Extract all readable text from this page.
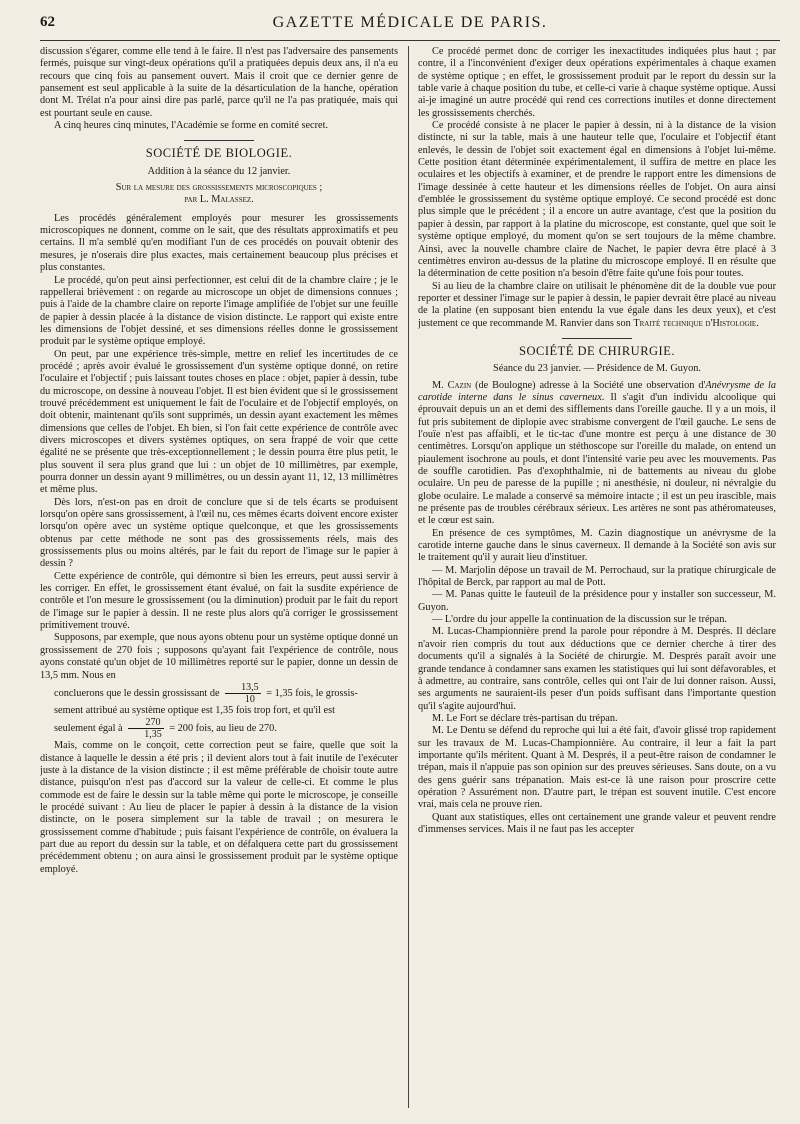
62	GAZETTE MÉDICALE DE PARIS.

discussion s'égarer, comme elle tend à le faire. Il n'est pas l'adversaire des pansements fermés, puisque sur vingt-deux opérations qu'il a pratiquées depuis deux ans, il n'a eu recours que cinq fois au pansement ouvert. Mais il croit que ce dernier genre de pansement est seul applicable à la suite de la désarticulation de la hanche, opération dont M. Trélat n'a pour ainsi dire pas parlé, parce qu'il ne l'a pas pratiquée, mais qui est pourtant seule en cause.

A cinq heures cinq minutes, l'Académie se forme en comité secret.

SOCIÉTÉ DE BIOLOGIE.

Addition à la séance du 12 janvier.

Sur la mesure des grossissements microscopiques ;
par L. Malassez.

Les procédés généralement employés pour mesurer les grossissements microscopiques ne donnent, comme on le sait, que des résultats approximatifs et peu certains. Il m'a semblé qu'en modifiant l'un de ces procédés on pouvait obtenir des mesures, je n'oserais dire plus exactes, mais certainement beaucoup plus précises et plus constantes.

Le procédé, qu'on peut ainsi perfectionner, est celui dit de la chambre claire ; je le rappellerai brièvement : on regarde au microscope un objet de dimensions connues ; puis à l'aide de la chambre claire on reporte l'image amplifiée de l'objet sur une feuille de papier à dessin placée à la distance de vision distincte. Le rapport qui existe entre les dimensions de l'objet dessiné, et ses dimensions réelles donne le grossissement produit par le système optique employé.

On peut, par une expérience très-simple, mettre en relief les incertitudes de ce procédé ; après avoir évalué le grossissement d'un système optique donné, on retire l'oculaire et l'objectif ; puis laissant toutes choses en place : objet, papier à dessin, tube du microscope, on dessine à nouveau l'objet. Il est bien évident que si le grossissement trouvé précédemment est uniquement le fait de l'oculaire et de l'objectif employés, on doit obtenir, maintenant qu'ils sont supprimés, un dessin ayant exactement les mêmes dimensions que celles de l'objet. Eh bien, si l'on fait cette expérience de contrôle avec divers microscopes et divers systèmes optiques, on sera frappé de voir que cette égalité ne se présente que très-exceptionnellement ; le dessin pourra être plus petit, le plus souvent il sera plus grand que lui : un objet de 10 millimètres, par exemple, pourra donner un dessin ayant 9 millimètres, ou un dessin ayant 11, 12, 13 millimètres et même plus.

Dès lors, n'est-on pas en droit de conclure que si de tels écarts se produisent lorsqu'on opère sans grossissement, à l'œil nu, ces mêmes écarts doivent encore exister lorsqu'on opère avec un système optique quelconque, et que les grossissements obtenus par cette méthode ne sont pas des grossissements réels, mais des grossissements plus ou moins altérés, par le fait du report de l'image sur le papier à dessin ?

Cette expérience de contrôle, qui démontre si bien les erreurs, peut aussi servir à les corriger. En effet, le grossissement étant évalué, on fait la susdite expérience de contrôle et l'on mesure le grossissement (ou la diminution) produit par le fait du report de l'image sur le papier à dessin. Il ne reste plus alors qu'à corriger le grossissement primitivement trouvé.

Supposons, par exemple, que nous ayons obtenu pour un système optique donné un grossissement de 270 fois ; supposons qu'ayant fait l'expérience de contrôle, nous ayons constaté qu'un objet de 10 millimètres reporté sur le papier, donne un dessin de 13,5 mm. Nous en

concluerons que le dessin grossissant de $\frac{13,5}{10} = 1,35$ fois, le grossis-

sement attribué au système optique est 1,35 fois trop fort, et qu'il est

seulement égal à $\frac{270}{1,35} = 200$ fois, au lieu de 270.

Mais, comme on le conçoit, cette correction peut se faire, quelle que soit la distance à laquelle le dessin a été pris ; il devient alors tout à fait inutile de l'exécuter juste à la distance de la vision distincte ; il est même préférable de choisir toute autre distance, puisqu'on n'est pas d'accord sur la valeur de celle-ci. Et comme le plus commode est de faire le dessin sur la table même qui porte le microscope, je conseille le procédé suivant : Au lieu de placer le papier à dessin à la distance de la vision distincte, on le posera simplement sur la table de travail ; on mesurera le grossissement comme d'habitude ; puis faisant l'expérience de contrôle, on évaluera la part due au report du dessin sur la table, et on défalquera cette part du grossissement précédemment obtenu ; on aura ainsi le grossissement produit par le système optique employé.

Ce procédé permet donc de corriger les inexactitudes indiquées plus haut ; par contre, il a l'inconvénient d'exiger deux opérations expérimentales à chaque examen de système optique ; en effet, le grossissement produit par le report du dessin sur la table varie à chaque position du tube, et celle-ci varie à chaque système optique. Aussi ai-je imaginé un autre procédé qui rend ces corrections inutiles et donne directement les grossissements cherchés.

Ce procédé consiste à ne placer le papier à dessin, ni à la distance de la vision distincte, ni sur la table, mais à une hauteur telle que, l'oculaire et l'objectif étant enlevés, le dessin de l'objet soit exactement égal en dimensions à l'objet lui-même. Cette position étant déterminée expérimentalement, il suffira de mettre en place les oculaires et les objectifs à examiner, et de prendre le rapport entre les dimensions de l'image dessinée à cette hauteur et les dimensions réelles de l'objet. On aura ainsi d'emblée le grossissement du système optique employé. Ce second procédé est donc plus simple que le précédent ; il a encore un autre avantage, c'est que la position du papier à dessin, par rapport à la platine du microscope, est constante, quel que soit le système optique employé, du moment qu'on se sert toujours de la même chambre. Ainsi, avec la nouvelle chambre claire de Nachet, le papier devra être placé à 3 centimètres environ au-dessus de la platine du microscope employé. Il en résulte que la détermination de cette position n'a besoin d'être faite qu'une fois pour toutes.

Si au lieu de la chambre claire on utilisait le phénomène dit de la double vue pour reporter et dessiner l'image sur le papier à dessin, le papier devrait être placé au niveau de la platine (en supposant bien entendu la vue égale dans les deux yeux), et c'est justement ce que recommande M. Ranvier dans son Traité technique d'Histologie.

SOCIÉTÉ DE CHIRURGIE.

Séance du 23 janvier. — Présidence de M. Guyon.

M. Cazin (de Boulogne) adresse à la Société une observation d'Anévrysme de la carotide interne dans le sinus caverneux. Il s'agit d'un individu alcoolique qui éprouvait depuis un an et demi des sifflements dans l'oreille gauche. Il y a un mois, il fut pris subitement de diplopie avec strabisme convergent de l'œil gauche. Le sens de l'ouïe n'est pas affaibli, et le tic-tac d'une montre est perçu à une distance de 30 centimètres. Lorsqu'on applique un stéthoscope sur l'oreille du malade, on entend un piaulement isochrone au pouls, et dont l'intensité varie peu avec les mouvements. Pas de souffle carotidien. Pas d'exophthalmie, ni de battements au niveau du globe oculaire. Un peu de paresse de la pupille ; ni anesthésie, ni douleur, ni névralgie du globe oculaire. Le malade a conservé sa mémoire intacte ; il est un peu irascible, mais ne présente pas de troubles cérébraux sérieux. Les artères ne sont pas athéromateuses, et le cœur est sain.

En présence de ces symptômes, M. Cazin diagnostique un anévrysme de la carotide interne gauche dans le sinus caverneux. Il demande à la Société son avis sur le traitement qu'il y aurait lieu d'instituer.

— M. Marjolin dépose un travail de M. Perrochaud, sur la pratique chirurgicale de l'hôpital de Berck, par rapport au mal de Pott.

— M. Panas quitte le fauteuil de la présidence pour y installer son successeur, M. Guyon.

— L'ordre du jour appelle la continuation de la discussion sur le trépan.

M. Lucas-Championnière prend la parole pour répondre à M. Després. Il déclare n'avoir rien compris du tout aux déductions que ce dernier cherche à tirer des documents qu'il a signalés à la Société de chirurgie. M. Després paraît avoir une grande tendance à condamner sans examen les statistiques qui lui sont défavorables, et à admettre, au contraire, sans contrôle, celles qui ont l'air de lui donner raison. Aussi, ses arguments ne sauraient-ils peser d'un poids suffisant dans l'importante question qu'il s'agite aujourd'hui.

M. Le Fort se déclare très-partisan du trépan.

M. Le Dentu se défend du reproche qui lui a été fait, d'avoir glissé trop rapidement sur les travaux de M. Lucas-Championnière. Au contraire, il leur a fait la part importante qu'ils méritent. Quant à M. Després, il a peut-être raison de condamner le trépan, mais il n'appuie pas son opinion sur des preuves sérieuses. Sans doute, on a vu des gens guérir sans trépanation. Mais est-ce là une raison pour proscrire cette opération ? Assurément non. D'autre part, le trépan est souvent inutile. C'est encore vrai, mais cela ne prouve rien.

Quant aux statistiques, elles ont certainement une grande valeur et peuvent rendre d'immenses services. Mais il ne faut pas les accepter
